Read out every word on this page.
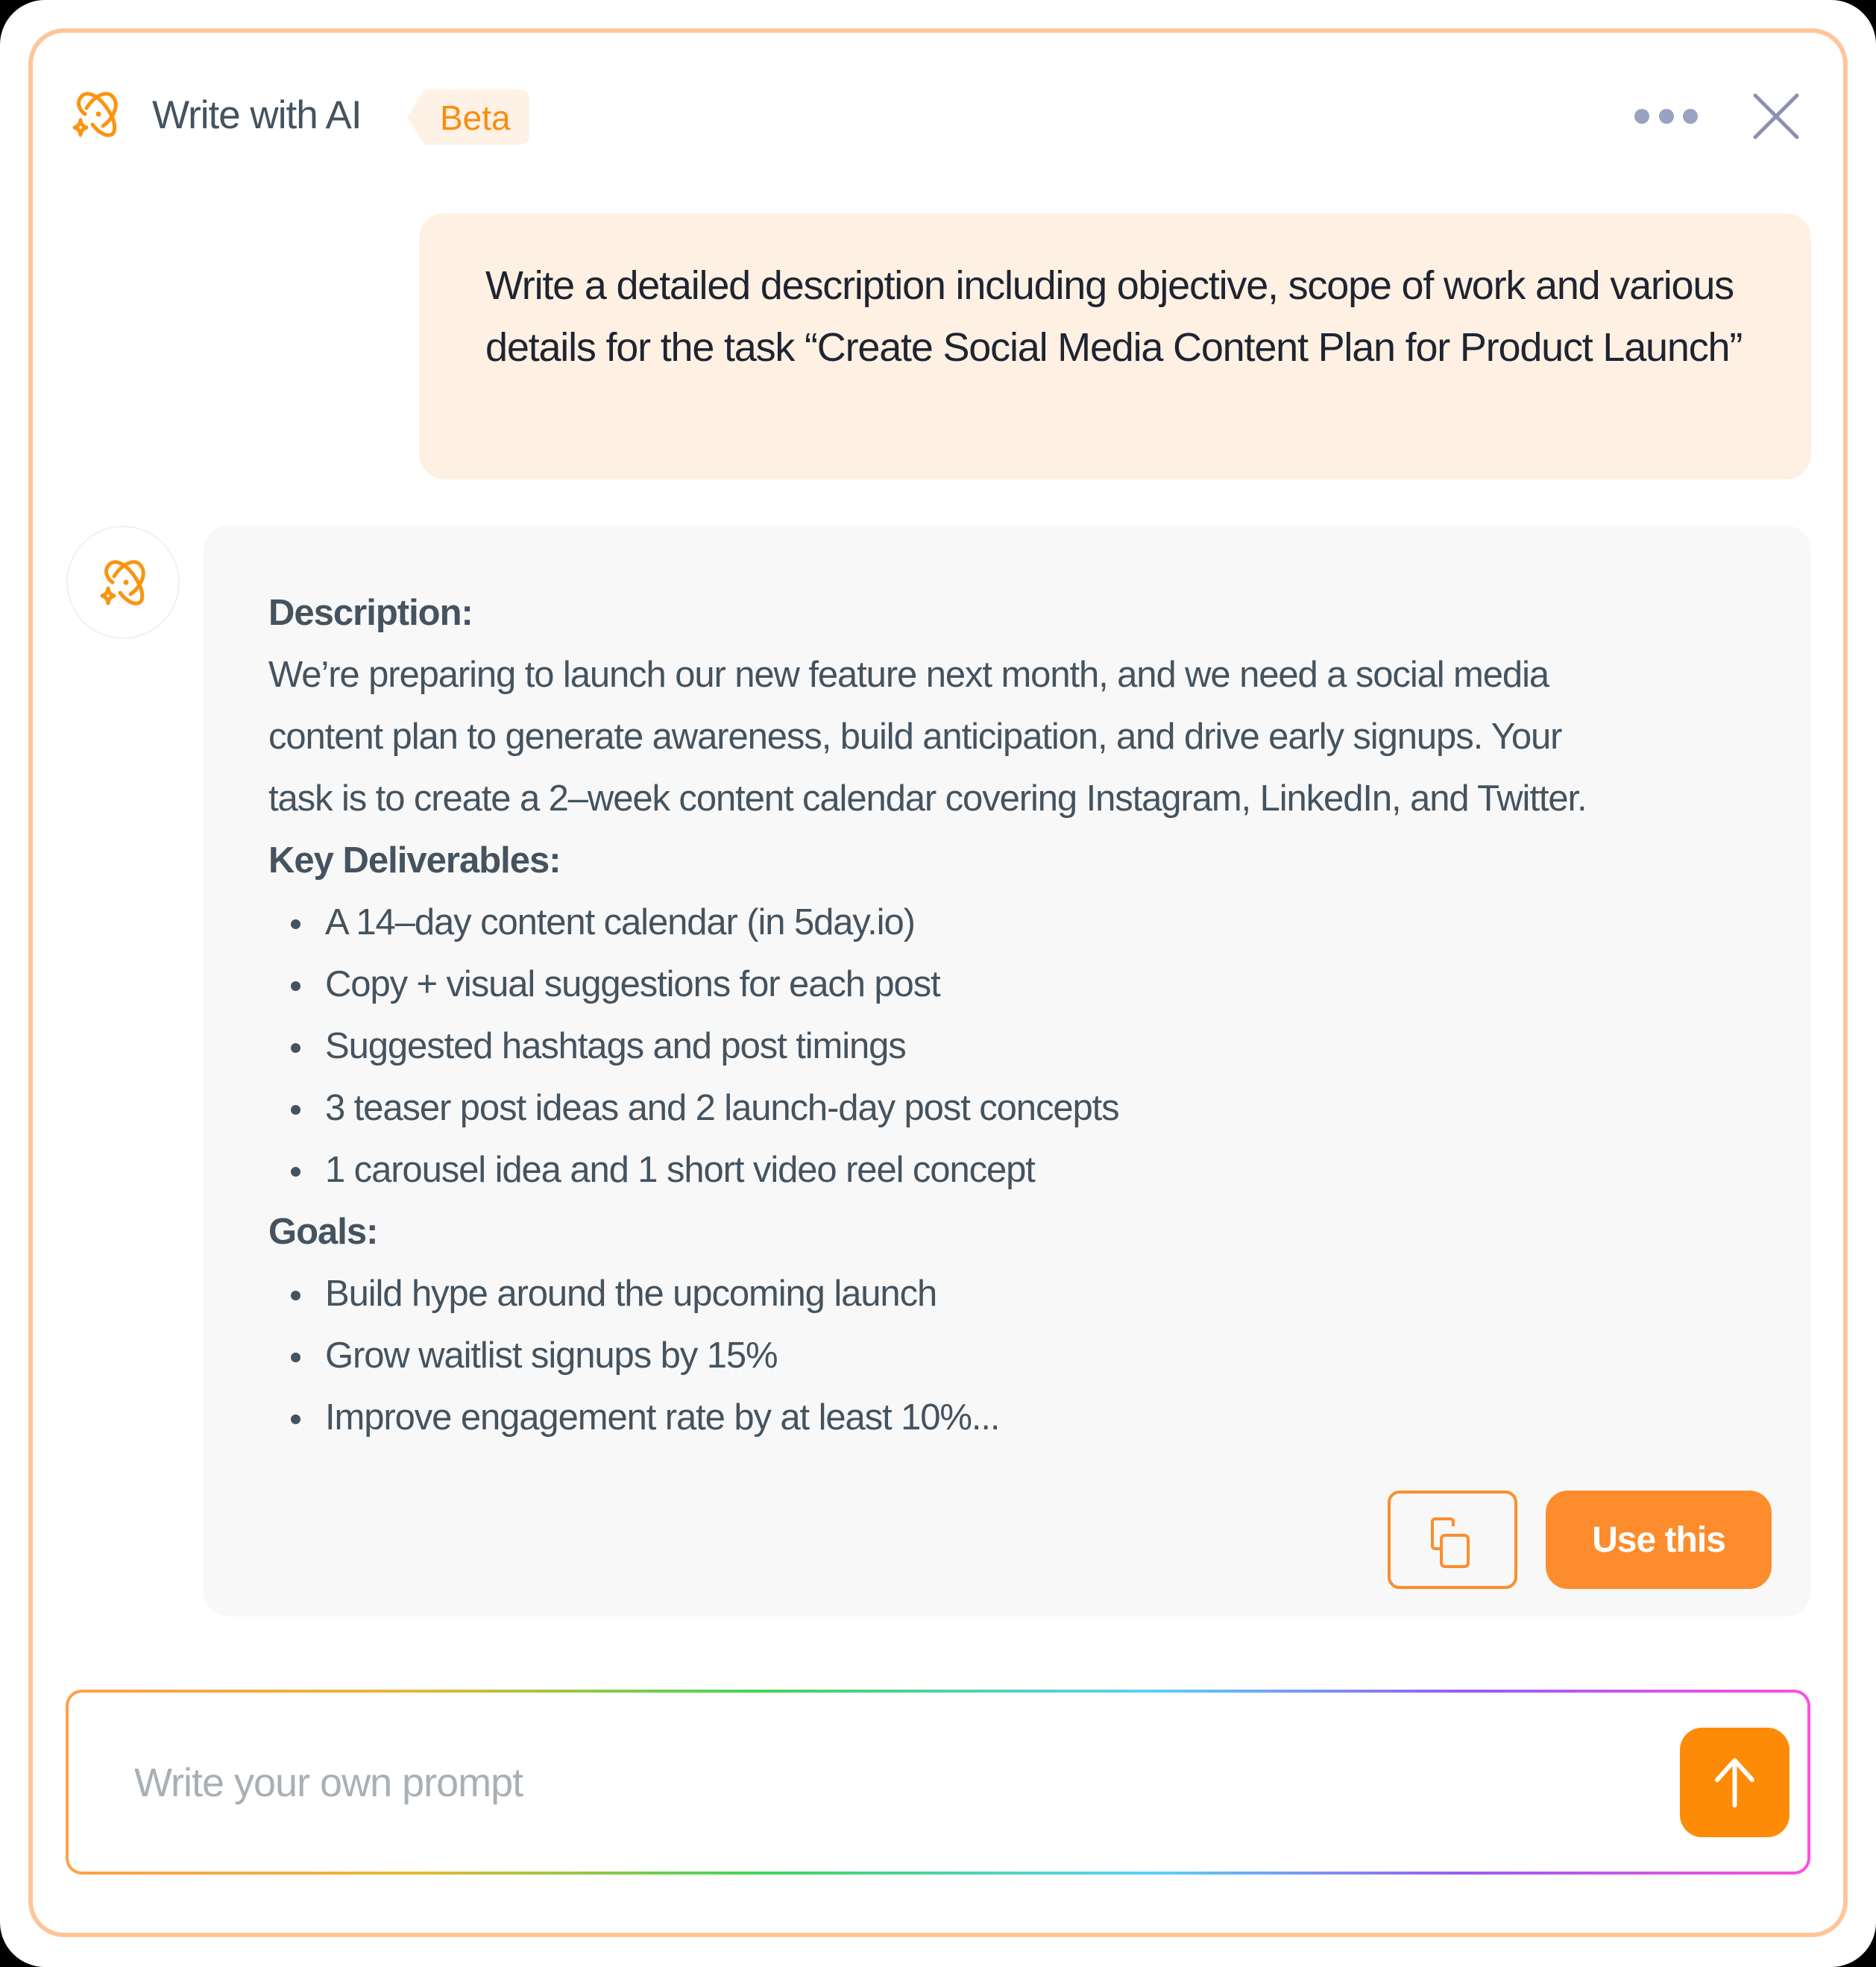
Write with AI Beta
Write a detailed description including objective, scope of work and various details for the task “Create Social Media Content Plan for Product Launch”
Description:
We’re preparing to launch our new feature next month, and we need a social media
content plan to generate awareness, build anticipation, and drive early signups. Your
task is to create a 2–week content calendar covering Instagram, LinkedIn, and Twitter.
Key Deliverables:
A 14–day content calendar (in 5day.io)
Copy + visual suggestions for each post
Suggested hashtags and post timings
3 teaser post ideas and 2 launch-day post concepts
1 carousel idea and 1 short video reel concept
Goals:
Build hype around the upcoming launch
Grow waitlist signups by 15%
Improve engagement rate by at least 10%...
Use this
Write your own prompt
